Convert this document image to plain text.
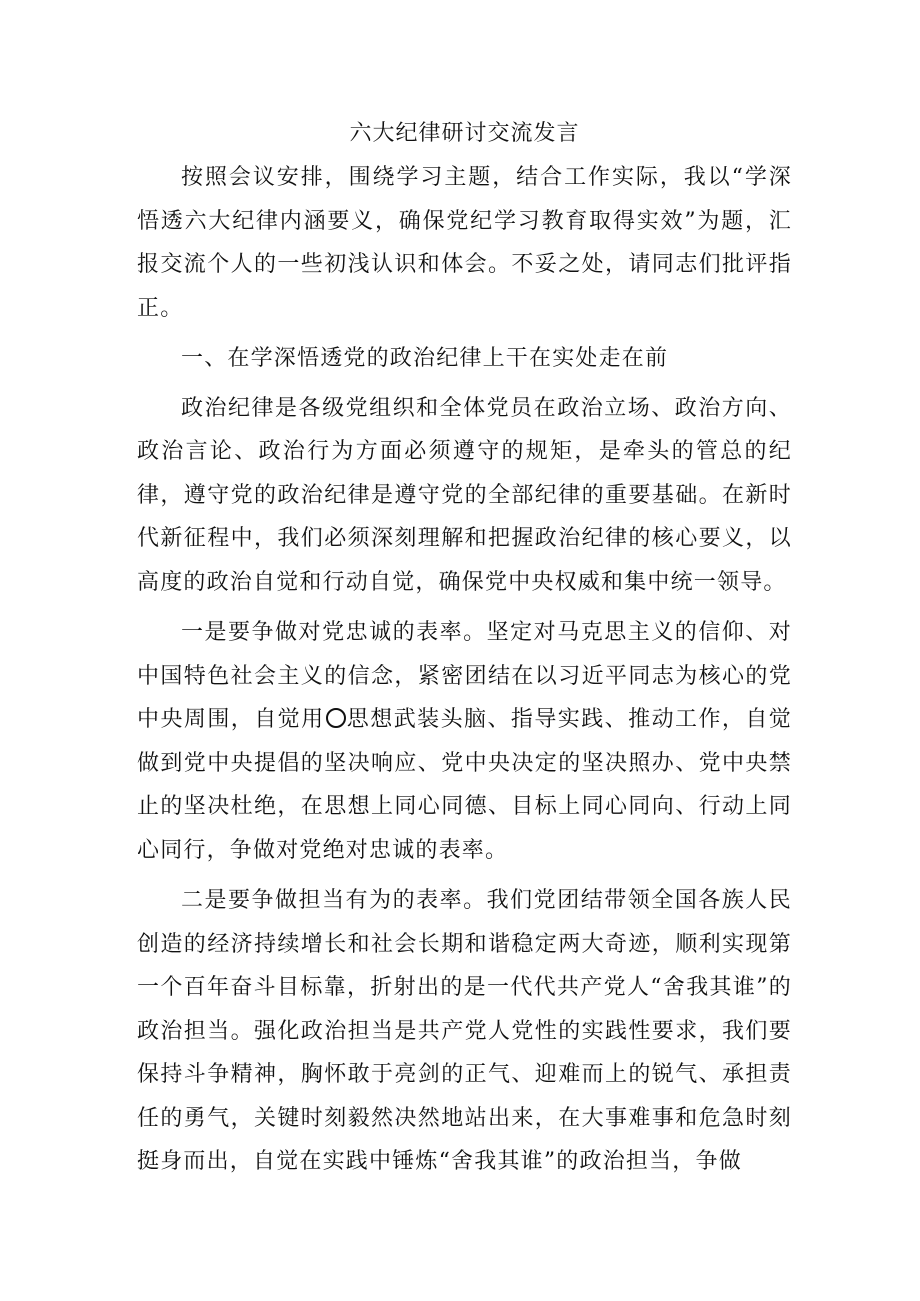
六大纪律研讨交流发言

按照会议安排，围绕学习主题，结合工作实际，我以“学深悟透六大纪律内涵要义，确保党纪学习教育取得实效”为题，汇报交流个人的一些初浅认识和体会。不妥之处，请同志们批评指正。

一、在学深悟透党的政治纪律上干在实处走在前

政治纪律是各级党组织和全体党员在政治立场、政治方向、政治言论、政治行为方面必须遵守的规矩，是牵头的管总的纪律，遵守党的政治纪律是遵守党的全部纪律的重要基础。在新时代新征程中，我们必须深刻理解和把握政治纪律的核心要义，以高度的政治自觉和行动自觉，确保党中央权威和集中统一领导。

一是要争做对党忠诚的表率。坚定对马克思主义的信仰、对中国特色社会主义的信念，紧密团结在以习近平同志为核心的党中央周围，自觉用 思想武装头脑、指导实践、推动工作，自觉做到党中央提倡的坚决响应、党中央决定的坚决照办、党中央禁止的坚决杜绝，在思想上同心同德、目标上同心同向、行动上同心同行，争做对党绝对忠诚的表率。

二是要争做担当有为的表率。我们党团结带领全国各族人民创造的经济持续增长和社会长期和谐稳定两大奇迹，顺利实现第一个百年奋斗目标靠，折射出的是一代代共产党人“舍我其谁”的政治担当。强化政治担当是共产党人党性的实践性要求，我们要保持斗争精神，胸怀敢于亮剑的正气、迎难而上的锐气、承担责任的勇气，关键时刻毅然决然地站出来，在大事难事和危急时刻挺身而出，自觉在实践中锤炼“舍我其谁”的政治担当，争做
